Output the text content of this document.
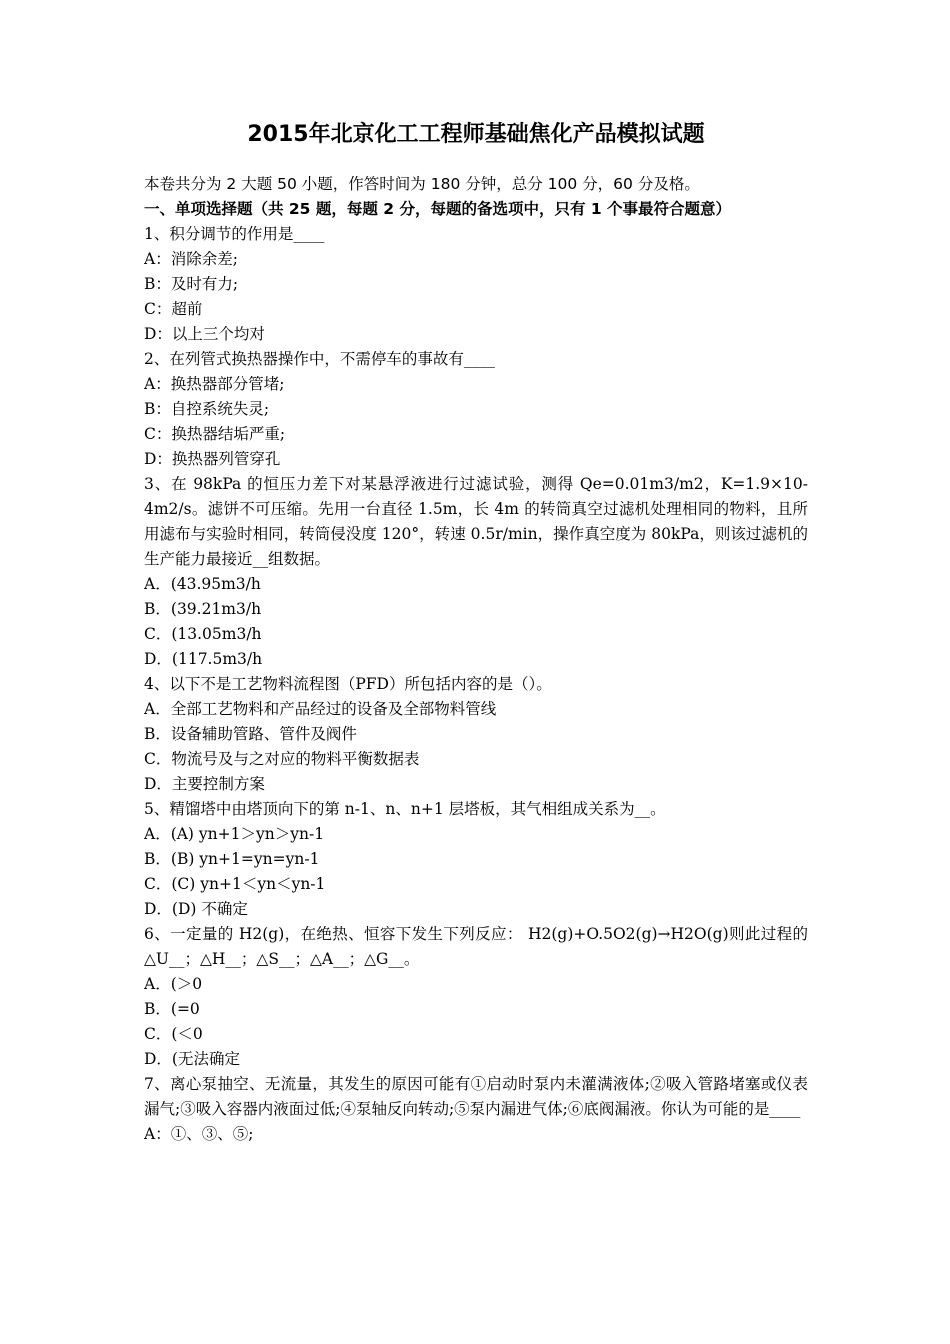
2015年北京化工工程师基础焦化产品模拟试题
本卷共分为 2 大题 50 小题，作答时间为 180 分钟，总分 100 分，60 分及格。
一、单项选择题（共 25 题，每题 2 分，每题的备选项中，只有 1 个事最符合题意）
1、积分调节的作用是____
A：消除余差;
B：及时有力;
C：超前
D：以上三个均对
2、在列管式换热器操作中，不需停车的事故有____
A：换热器部分管堵;
B：自控系统失灵;
C：换热器结垢严重;
D：换热器列管穿孔
3、在 98kPa 的恒压力差下对某悬浮液进行过滤试验，测得 Qe=0.01m3/m2，K=1.9×10-4m2/s。滤饼不可压缩。先用一台直径 1.5m，长 4m 的转筒真空过滤机处理相同的物料，且所用滤布与实验时相同，转筒侵没度 120°，转速 0.5r/min，操作真空度为 80kPa，则该过滤机的生产能力最接近__组数据。
A．(43.95m3/h
B．(39.21m3/h
C．(13.05m3/h
D．(117.5m3/h
4、以下不是工艺物料流程图（PFD）所包括内容的是（）。
A．全部工艺物料和产品经过的设备及全部物料管线
B．设备辅助管路、管件及阀件
C．物流号及与之对应的物料平衡数据表
D．主要控制方案
5、精馏塔中由塔顶向下的第 n-1、n、n+1 层塔板，其气相组成关系为__。
A．(A) yn+1＞yn＞yn-1
B．(B) yn+1=yn=yn-1
C．(C) yn+1＜yn＜yn-1
D．(D) 不确定
6、一定量的 H2(g)，在绝热、恒容下发生下列反应： H2(g)+O.5O2(g)→H2O(g)则此过程的△U__；△H__；△S__；△A__；△G__。
A．(＞0
B．(=0
C．(＜0
D．(无法确定
7、离心泵抽空、无流量，其发生的原因可能有①启动时泵内未灌满液体;②吸入管路堵塞或仪表漏气;③吸入容器内液面过低;④泵轴反向转动;⑤泵内漏进气体;⑥底阀漏液。你认为可能的是____
A：①、③、⑤;
